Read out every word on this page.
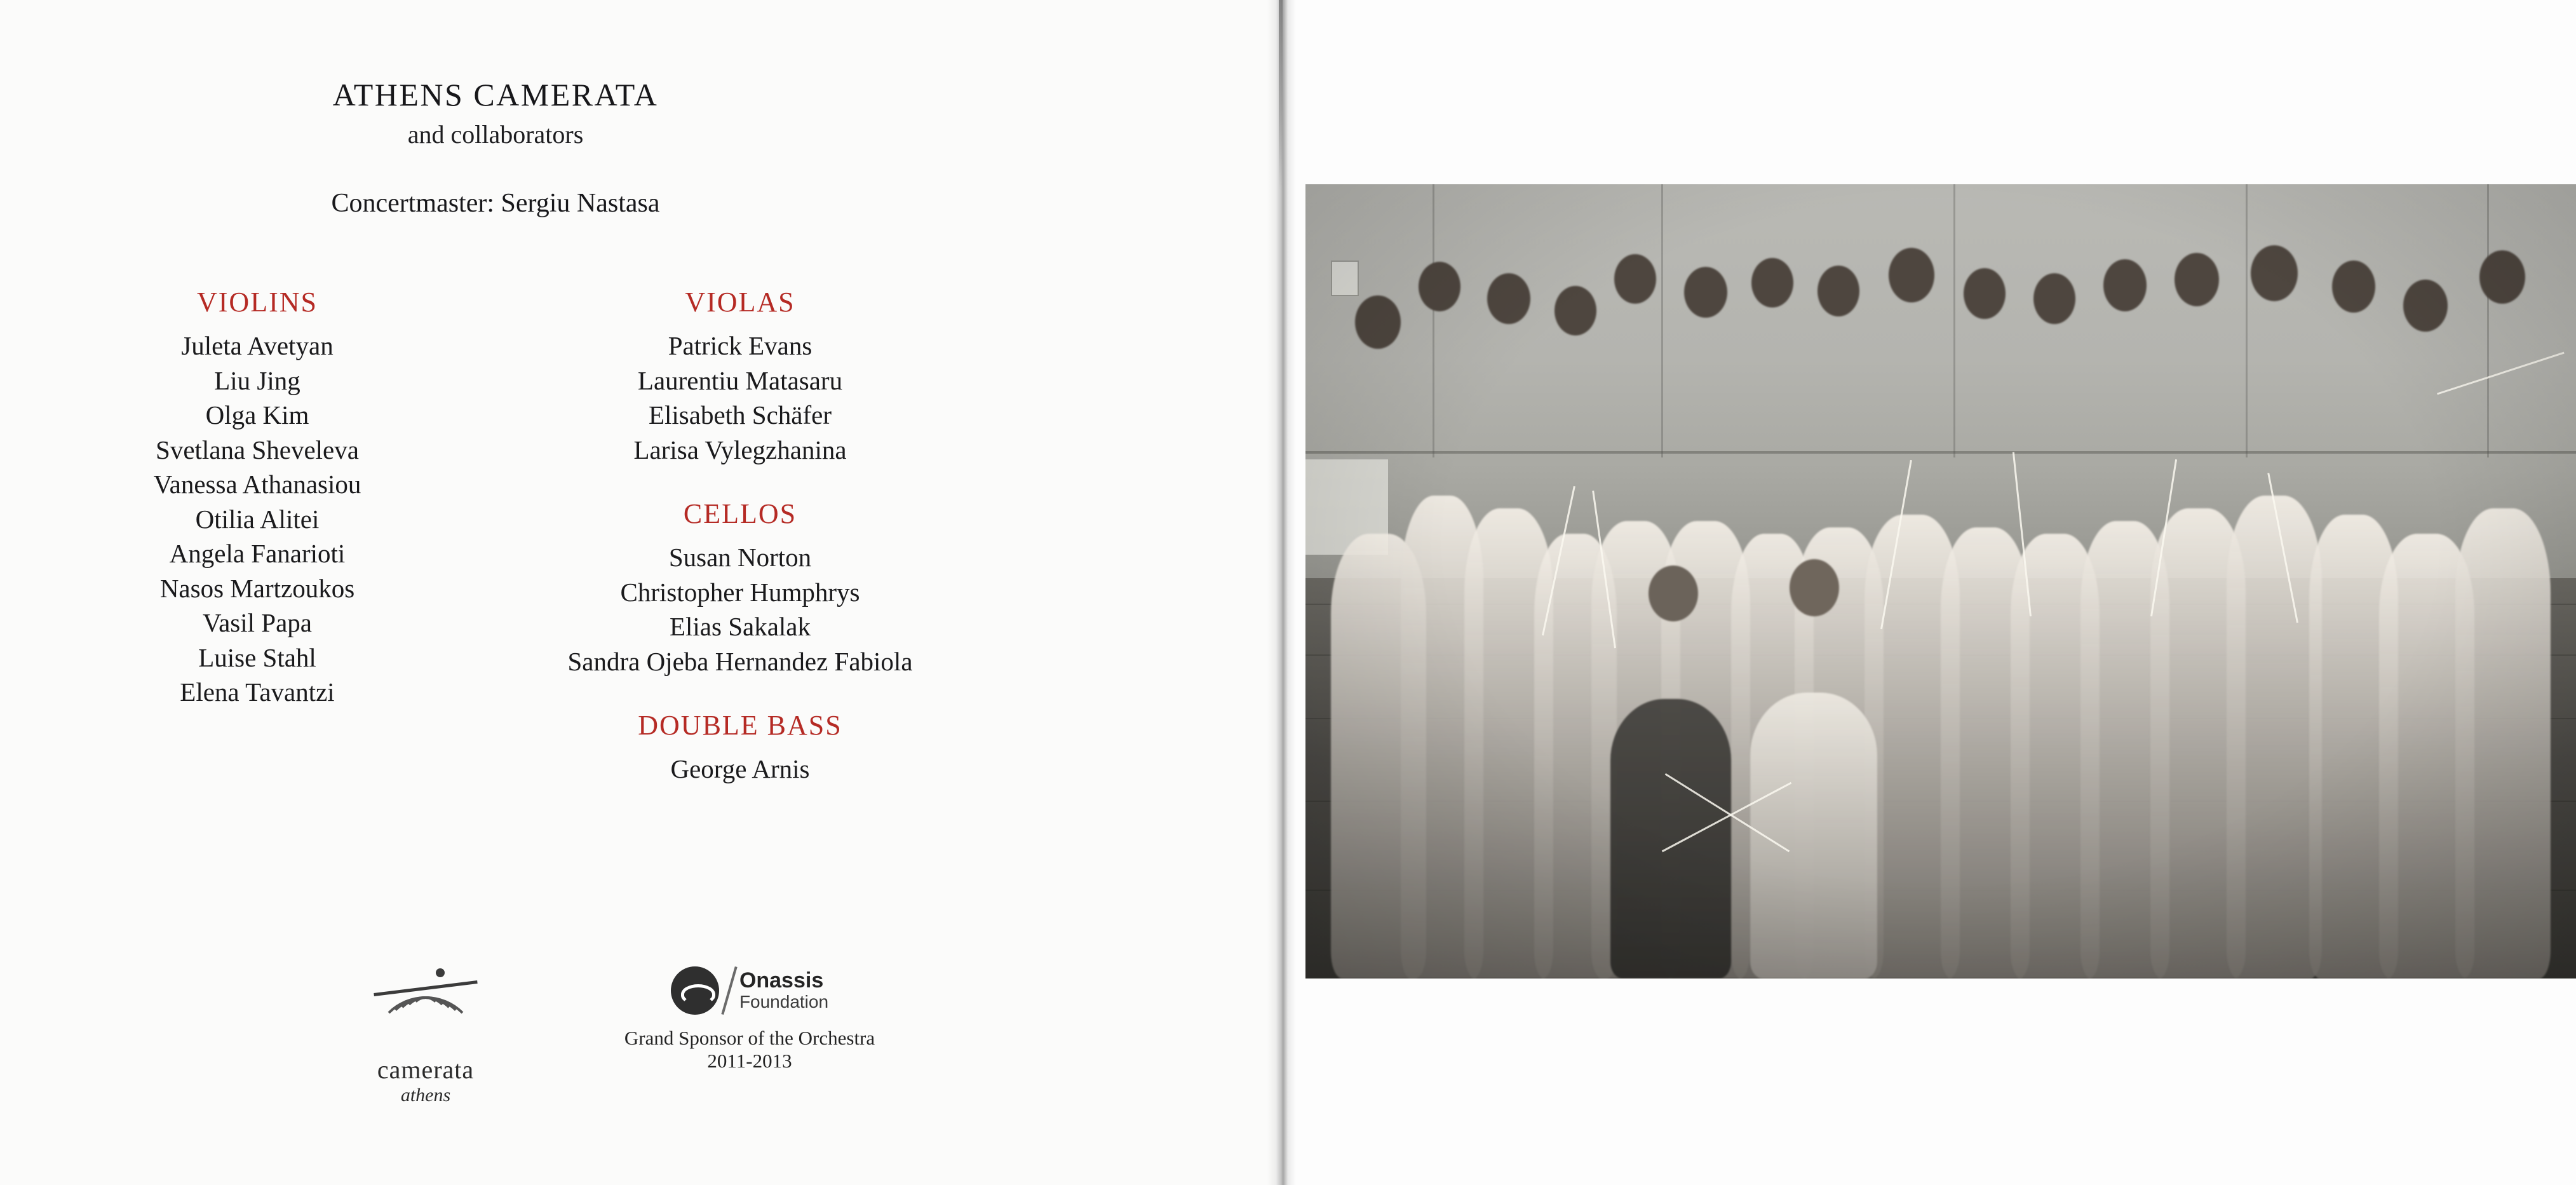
ATHENS CAMERATA
and collaborators
Concertmaster: Sergiu Nastasa
VIOLINS
Juleta Avetyan
Liu Jing
Olga Kim
Svetlana Sheveleva
Vanessa Athanasiou
Otilia Alitei
Angela Fanarioti
Nasos Martzoukos
Vasil Papa
Luise Stahl
Elena Tavantzi
VIOLAS
Patrick Evans
Laurentiu Matasaru
Elisabeth Schäfer
Larisa Vylegzhanina
CELLOS
Susan Norton
Christopher Humphrys
Elias Sakalak
Sandra Ojeba Hernandez Fabiola
DOUBLE BASS
George Arnis
camerata
athens
Onassis
Foundation
Grand Sponsor of the Orchestra
2011-2013
